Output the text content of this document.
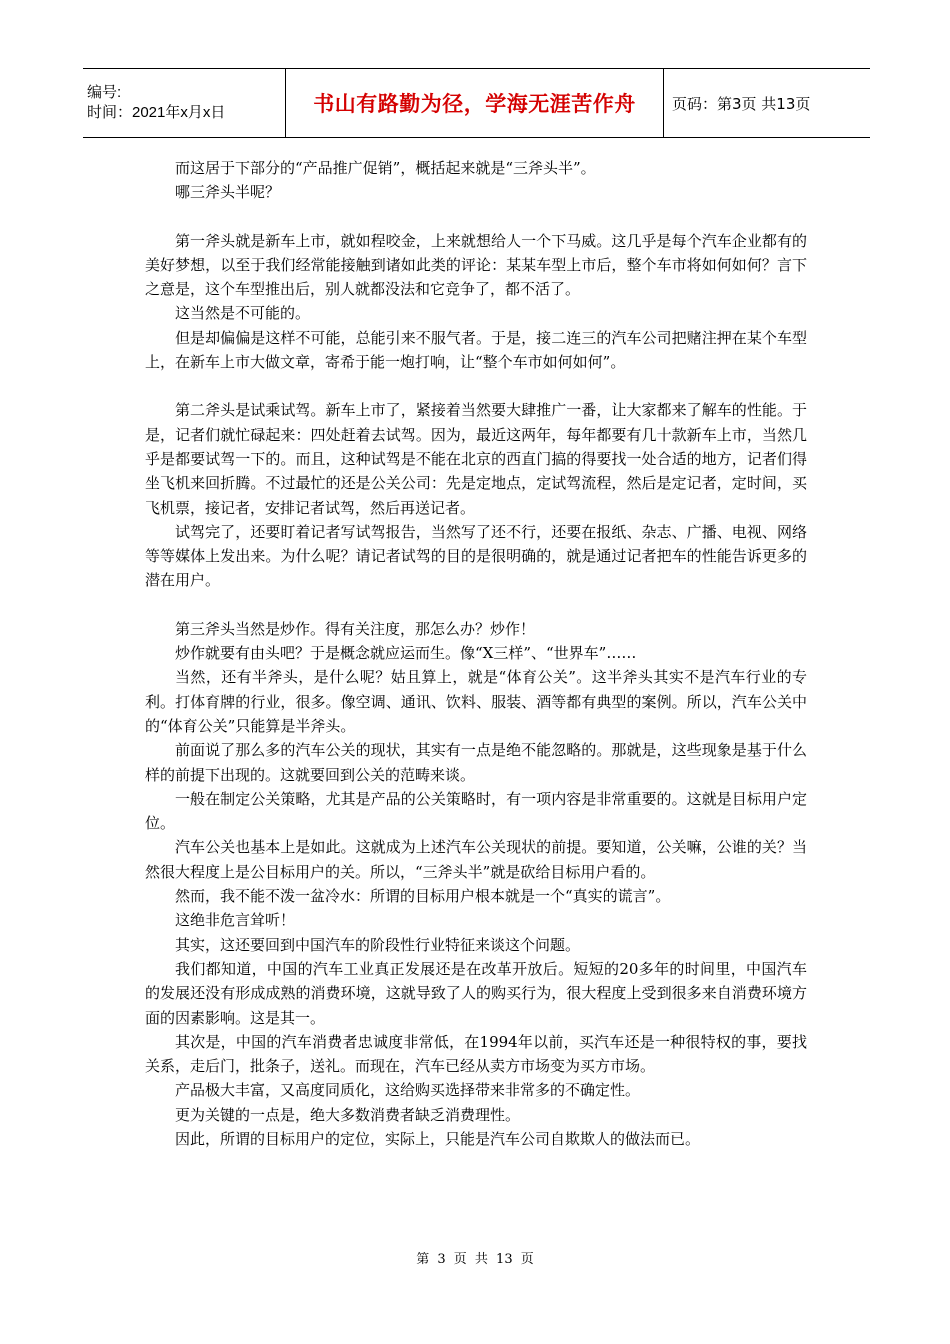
编号:
时间：2021年x月x日	书山有路勤为径，学海无涯苦作舟	页码：第3页 共13页

而这居于下部分的“产品推广促销”，概括起来就是“三斧头半”。

哪三斧头半呢？

第一斧头就是新车上市，就如程咬金，上来就想给人一个下马威。这几乎是每个汽车企业都有的美好梦想，以至于我们经常能接触到诸如此类的评论：某某车型上市后，整个车市将如何如何？言下之意是，这个车型推出后，别人就都没法和它竞争了，都不活了。

这当然是不可能的。

但是却偏偏是这样不可能，总能引来不服气者。于是，接二连三的汽车公司把赌注押在某个车型上，在新车上市大做文章，寄希于能一炮打响，让“整个车市如何如何”。

第二斧头是试乘试驾。新车上市了，紧接着当然要大肆推广一番，让大家都来了解车的性能。于是，记者们就忙碌起来：四处赶着去试驾。因为，最近这两年，每年都要有几十款新车上市，当然几乎是都要试驾一下的。而且，这种试驾是不能在北京的西直门搞的得要找一处合适的地方，记者们得坐飞机来回折腾。不过最忙的还是公关公司：先是定地点，定试驾流程，然后是定记者，定时间，买飞机票，接记者，安排记者试驾，然后再送记者。

试驾完了，还要盯着记者写试驾报告，当然写了还不行，还要在报纸、杂志、广播、电视、网络等等媒体上发出来。为什么呢？请记者试驾的目的是很明确的，就是通过记者把车的性能告诉更多的潜在用户。

第三斧头当然是炒作。得有关注度，那怎么办？炒作！

炒作就要有由头吧？于是概念就应运而生。像“X三样”、“世界车”……

当然，还有半斧头，是什么呢？姑且算上，就是“体育公关”。这半斧头其实不是汽车行业的专利。打体育牌的行业，很多。像空调、通讯、饮料、服装、酒等都有典型的案例。所以，汽车公关中的“体育公关”只能算是半斧头。

前面说了那么多的汽车公关的现状，其实有一点是绝不能忽略的。那就是，这些现象是基于什么样的前提下出现的。这就要回到公关的范畴来谈。

一般在制定公关策略，尤其是产品的公关策略时，有一项内容是非常重要的。这就是目标用户定位。

汽车公关也基本上是如此。这就成为上述汽车公关现状的前提。要知道，公关嘛，公谁的关？当然很大程度上是公目标用户的关。所以，“三斧头半”就是砍给目标用户看的。

然而，我不能不泼一盆冷水：所谓的目标用户根本就是一个“真实的谎言”。

这绝非危言耸听！

其实，这还要回到中国汽车的阶段性行业特征来谈这个问题。

我们都知道，中国的汽车工业真正发展还是在改革开放后。短短的20多年的时间里，中国汽车的发展还没有形成成熟的消费环境，这就导致了人的购买行为，很大程度上受到很多来自消费环境方面的因素影响。这是其一。

其次是，中国的汽车消费者忠诚度非常低，在1994年以前，买汽车还是一种很特权的事，要找关系，走后门，批条子，送礼。而现在，汽车已经从卖方市场变为买方市场。

产品极大丰富，又高度同质化，这给购买选择带来非常多的不确定性。

更为关键的一点是，绝大多数消费者缺乏消费理性。

因此，所谓的目标用户的定位，实际上，只能是汽车公司自欺欺人的做法而已。

第 3 页 共 13 页
